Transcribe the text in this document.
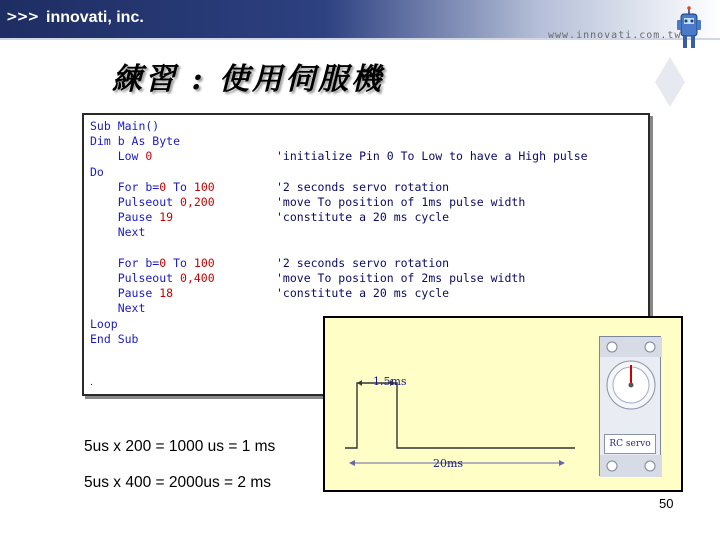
>>> innovati, inc.
www.innovati.com.tw
練習 : 使用伺服機
.
Sub Main()
Dim b As Byte
Low 0	'initialize Pin 0 To Low to have a High pulse
Do
For b=0 To 100	'2 seconds servo rotation
Pulseout 0,200	'move To position of 1ms pulse width
Pause 19	'constitute a 20 ms cycle
Next
For b=0 To 100	'2 seconds servo rotation
Pulseout 0,400	'move To position of 2ms pulse width
Pause 18	'constitute a 20 ms cycle
Next
Loop
End Sub
1.5ms
20ms
RC servo
5us x 200 = 1000 us = 1 ms
5us x 400 = 2000us = 2 ms
50
